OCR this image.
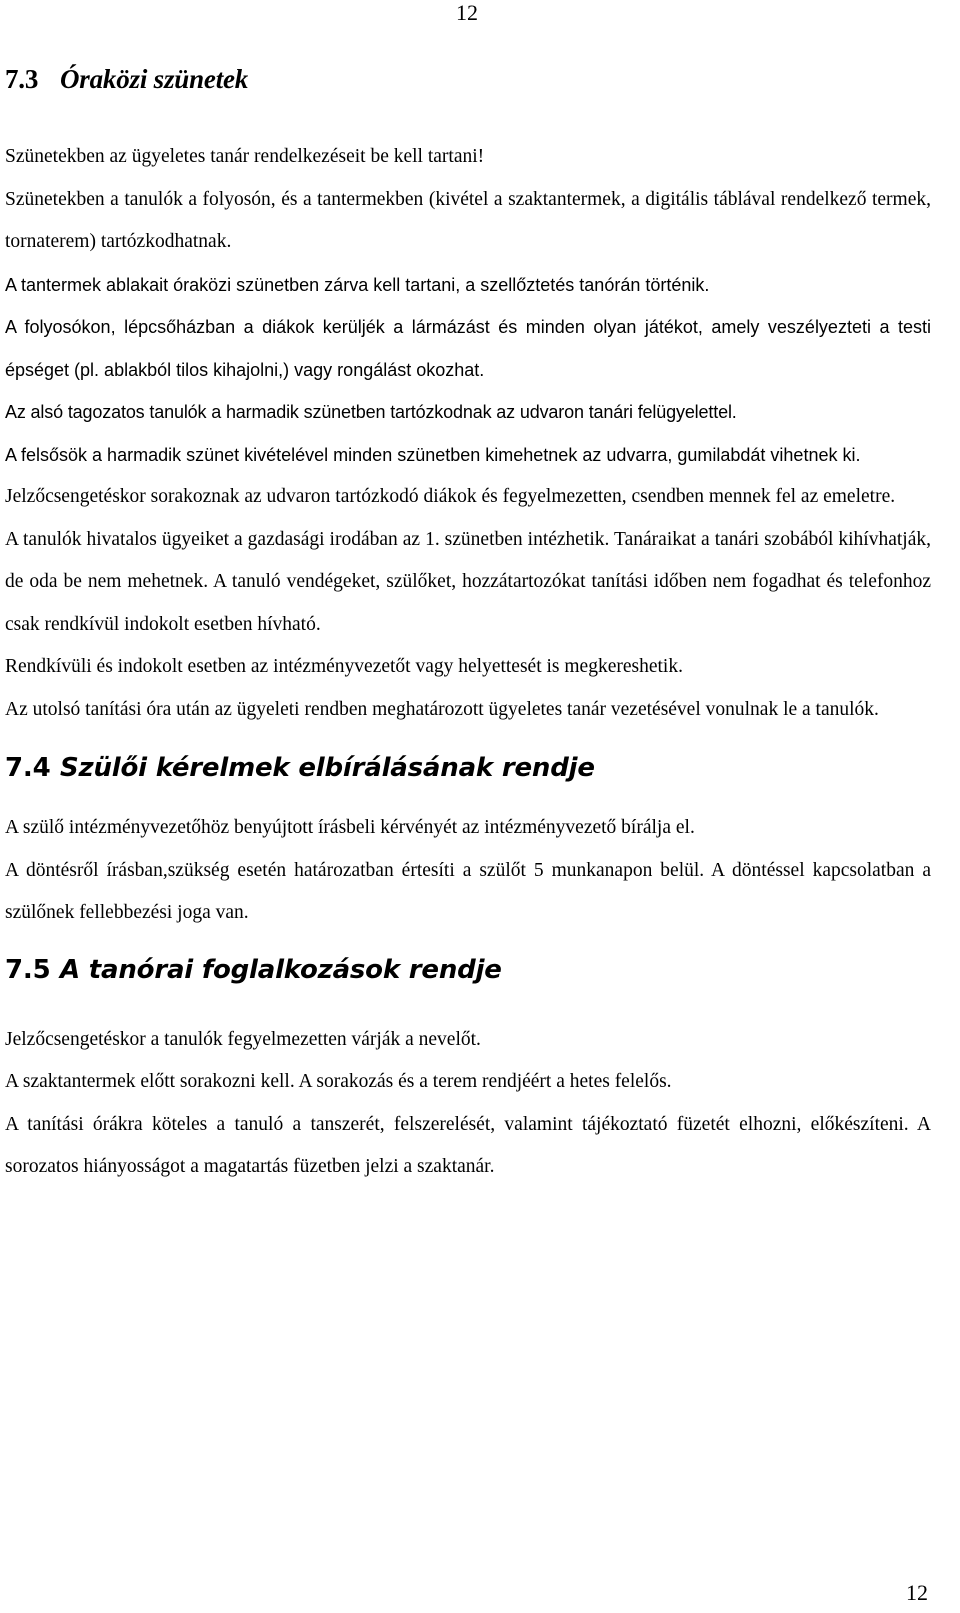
12
7.3 Óraközi szünetek

Szünetekben az ügyeletes tanár rendelkezéseit be kell tartani!

Szünetekben a tanulók a folyosón, és a tantermekben (kivétel a szaktantermek, a digitális táblával rendelkező termek, tornaterem) tartózkodhatnak.

A tantermek ablakait óraközi szünetben zárva kell tartani, a szellőztetés tanórán történik.

A folyosókon, lépcsőházban a diákok kerüljék a lármázást és minden olyan játékot, amely veszélyezteti a testi épséget (pl. ablakból tilos kihajolni,) vagy rongálást okozhat.

Az alsó tagozatos tanulók a harmadik szünetben tartózkodnak az udvaron tanári felügyelettel.

A felsősök a harmadik szünet kivételével minden szünetben kimehetnek az udvarra, gumilabdát vihetnek ki.

Jelzőcsengetéskor sorakoznak az udvaron tartózkodó diákok és fegyelmezetten, csendben mennek fel az emeletre.

A tanulók hivatalos ügyeiket a gazdasági irodában az 1. szünetben intézhetik. Tanáraikat a tanári szobából kihívhatják, de oda be nem mehetnek. A tanuló vendégeket, szülőket, hozzátartozókat tanítási időben nem fogadhat és telefonhoz csak rendkívül indokolt esetben hívható.

Rendkívüli és indokolt esetben az intézményvezetőt vagy helyettesét is megkereshetik.

Az utolsó tanítási óra után az ügyeleti rendben meghatározott ügyeletes tanár vezetésével vonulnak le a tanulók.

7.4 Szülői kérelmek elbírálásának rendje

A szülő intézményvezetőhöz benyújtott írásbeli kérvényét az intézményvezető bírálja el.

A döntésről írásban,szükség esetén határozatban értesíti a szülőt 5 munkanapon belül. A döntéssel kapcsolatban a szülőnek fellebbezési joga van.

7.5 A tanórai foglalkozások rendje

Jelzőcsengetéskor a tanulók fegyelmezetten várják a nevelőt.

A szaktantermek előtt sorakozni kell. A sorakozás és a terem rendjéért a hetes felelős.

A tanítási órákra köteles a tanuló a tanszerét, felszerelését, valamint tájékoztató füzetét elhozni, előkészíteni. A sorozatos hiányosságot a magatartás füzetben jelzi a szaktanár.

12
